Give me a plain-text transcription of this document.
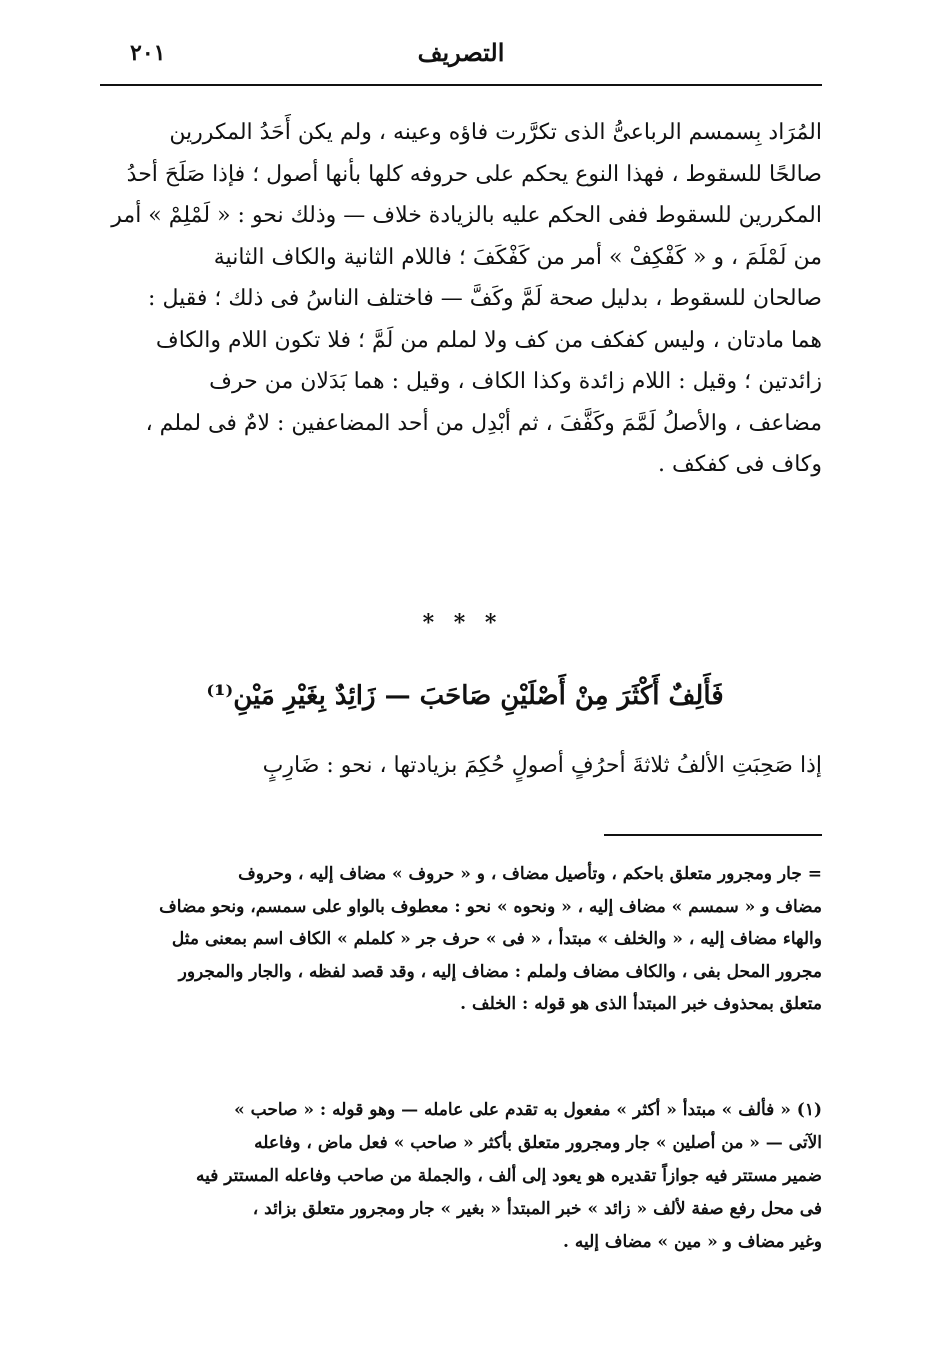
٢٠١	التصريف
المُرَاد بِسمسم الرباعىُّ الذى تكرَّرت فاؤه وعينه ، ولم يكن أَحَدُ المكررين
صالحًا للسقوط ، فهذا النوع يحكم على حروفه كلها بأنها أصول ؛ فإذا صَلَحَ أحدُ
المكررين للسقوط ففى الحكم عليه بالزيادة خلاف — وذلك نحو : « لَمْلِمْ » أمر
من لَمْلَمَ ، و « كَفْكِفْ » أمر من كَفْكَفَ ؛ فاللام الثانية والكاف الثانية
صالحان للسقوط ، بدليل صحة لَمَّ وكَفَّ — فاختلف الناسُ فى ذلك ؛ فقيل :
هما مادتان ، وليس كفكف من كف ولا لملم من لَمَّ ؛ فلا تكون اللام والكاف
زائدتين ؛ وقيل : اللام زائدة وكذا الكاف ، وقيل : هما بَدَلان من حرف
مضاعف ، والأصلُ لَمَّمَ وكَفَّفَ ، ثم أبْدِل من أحد المضاعفين : لامٌ فى لملم ،
وكاف فى كفكف .
* * *
فَأَلِفٌ أَكْثَرَ مِنْ أَصْلَيْنِ صَاحَبَ — زَائِدٌ بِغَيْرِ مَيْنِ⁽¹⁾
إذا صَحِبَتِ الألفُ ثلاثةَ أحرُفٍ أصولٍ حُكِمَ بزيادتها ، نحو : ضَارِبٍ
= جار ومجرور متعلق باحكم ، وتأصيل مضاف ، و « حروف » مضاف إليه ، وحروف
مضاف و « سمسم » مضاف إليه ، « ونحوه » نحو : معطوف بالواو على سمسم، ونحو مضاف
والهاء مضاف إليه ، « والخلف » مبتدأ ، « فى » حرف جر « كلملم » الكاف اسم بمعنى مثل
مجرور المحل بفى ، والكاف مضاف ولملم : مضاف إليه ، وقد قصد لفظه ، والجار والمجرور
متعلق بمحذوف خبر المبتدأ الذى هو قوله : الخلف .
(١) « فألف » مبتدأ « أكثر » مفعول به تقدم على عامله — وهو قوله : « صاحب »
الآتى — « من أصلين » جار ومجرور متعلق بأكثر « صاحب » فعل ماض ، وفاعله
ضمير مستتر فيه جوازاً تقديره هو يعود إلى ألف ، والجملة من صاحب وفاعله المستتر فيه
فى محل رفع صفة لألف « زائد » خبر المبتدأ « بغير » جار ومجرور متعلق بزائد ،
وغير مضاف و « مين » مضاف إليه .
